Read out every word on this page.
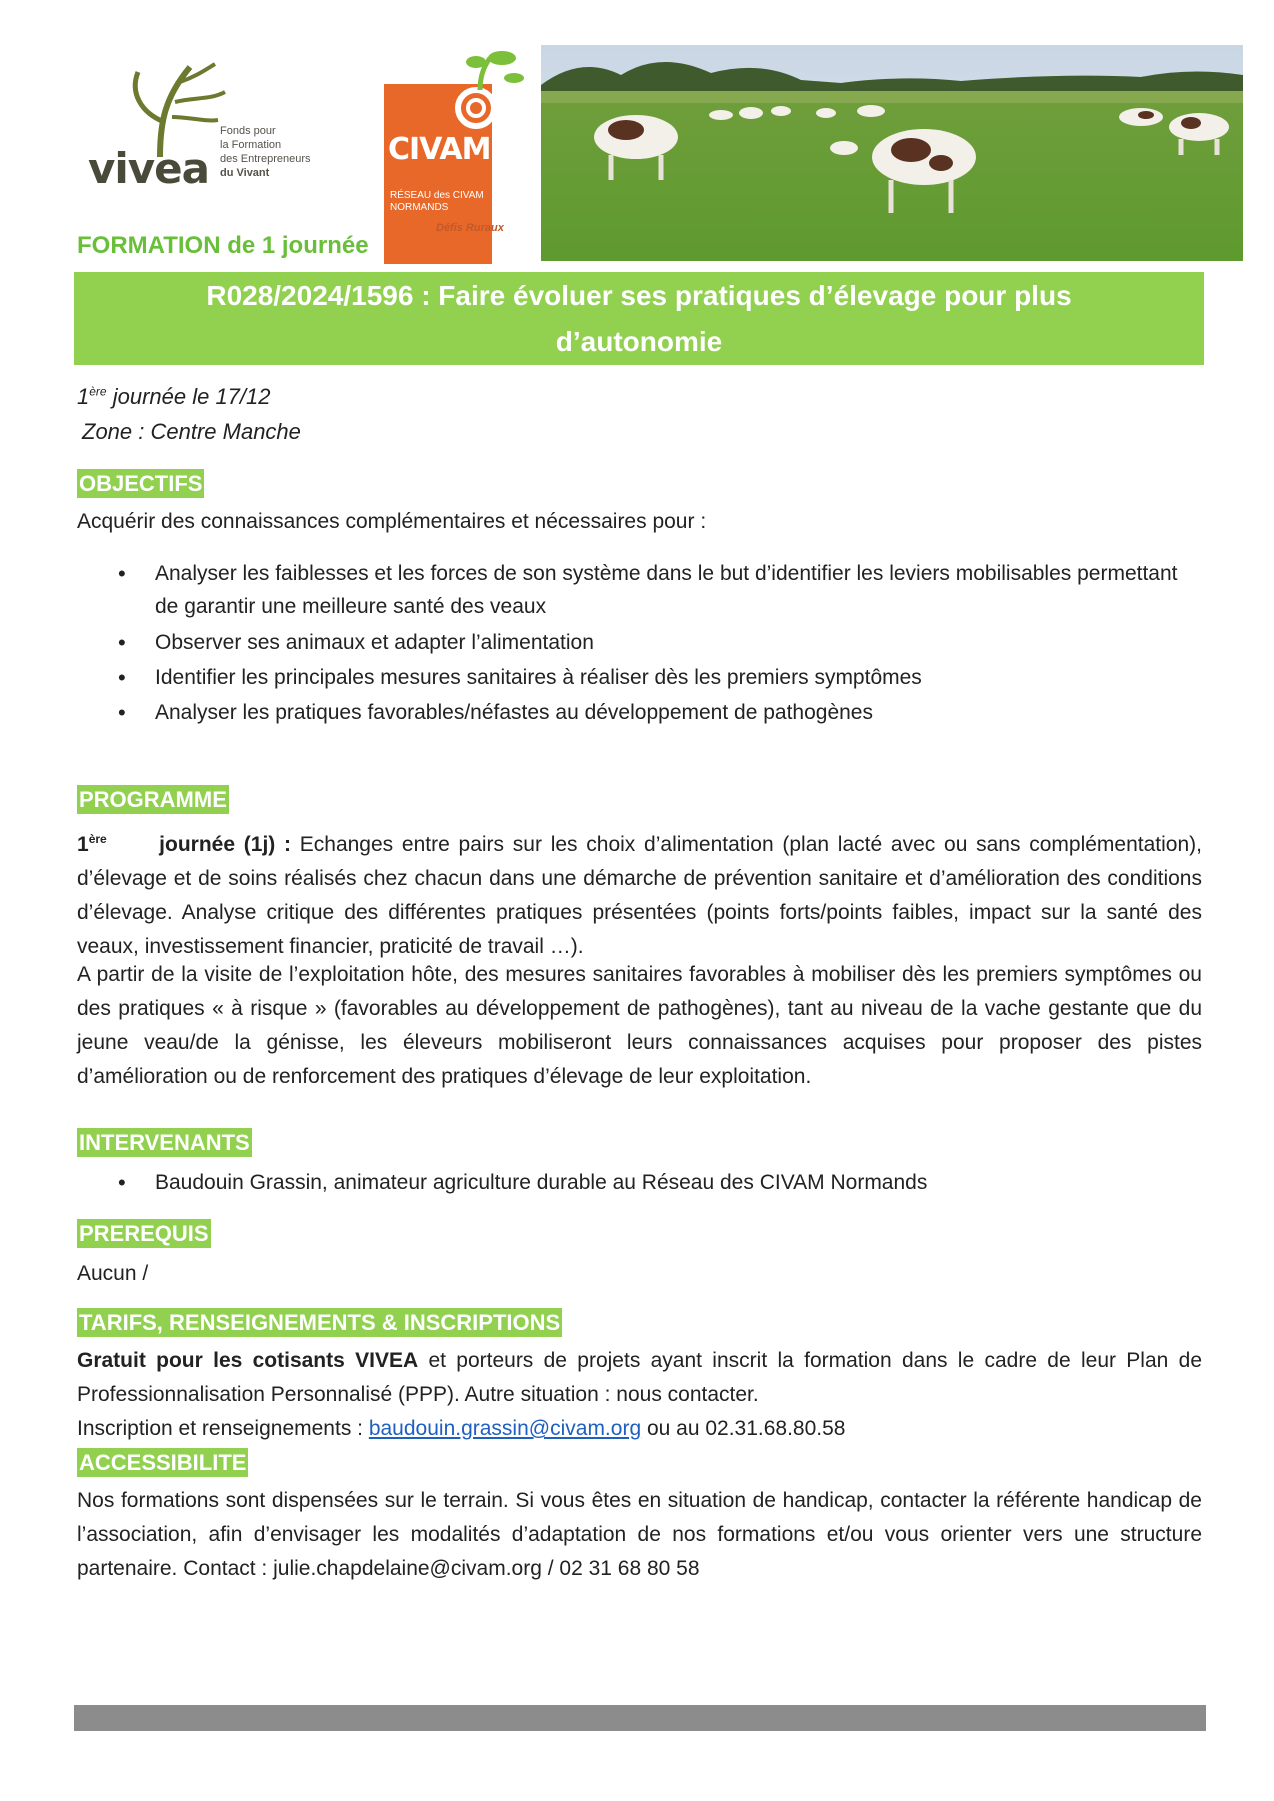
vivea
Fonds pour
la Formation
des Entrepreneurs
du Vivant
CIVAM
RÉSEAU des CIVAM
NORMANDS
Défis Ruraux
FORMATION de 1 journée
R028/2024/1596 : Faire évoluer ses pratiques d’élevage pour plus
d’autonomie
1ère journée le 17/12
Zone : Centre Manche
OBJECTIFS
Acquérir des connaissances complémentaires et nécessaires pour :
• Analyser les faiblesses et les forces de son système dans le but d’identifier les leviers mobilisables permettant de garantir une meilleure santé des veaux
• Observer ses animaux et adapter l’alimentation
• Identifier les principales mesures sanitaires à réaliser dès les premiers symptômes
• Analyser les pratiques favorables/néfastes au développement de pathogènes
PROGRAMME
1ère      journée (1j) : Echanges entre pairs sur les choix d’alimentation (plan lacté avec ou sans complémentation), d’élevage et de soins réalisés chez chacun dans une démarche de prévention sanitaire et d’amélioration des conditions d’élevage. Analyse critique des différentes pratiques présentées (points forts/points faibles, impact sur la santé des veaux, investissement financier, praticité de travail …).
A partir de la visite de l’exploitation hôte, des mesures sanitaires favorables à mobiliser dès les premiers symptômes ou des pratiques « à risque » (favorables au développement de pathogènes), tant au niveau de la vache gestante que du jeune veau/de la génisse, les éleveurs mobiliseront leurs connaissances acquises pour proposer des pistes d’amélioration ou de renforcement des pratiques d’élevage de leur exploitation.
INTERVENANTS
• Baudouin Grassin, animateur agriculture durable au Réseau des CIVAM Normands
PREREQUIS
Aucun /
TARIFS, RENSEIGNEMENTS & INSCRIPTIONS
Gratuit pour les cotisants VIVEA et porteurs de projets ayant inscrit la formation dans le cadre de leur Plan de Professionnalisation Personnalisé (PPP). Autre situation : nous contacter.
Inscription et renseignements : baudouin.grassin@civam.org ou au 02.31.68.80.58
ACCESSIBILITE
Nos formations sont dispensées sur le terrain. Si vous êtes en situation de handicap, contacter la référente handicap de l’association, afin d’envisager les modalités d’adaptation de nos formations et/ou vous orienter vers une structure partenaire. Contact : julie.chapdelaine@civam.org / 02 31 68 80 58
